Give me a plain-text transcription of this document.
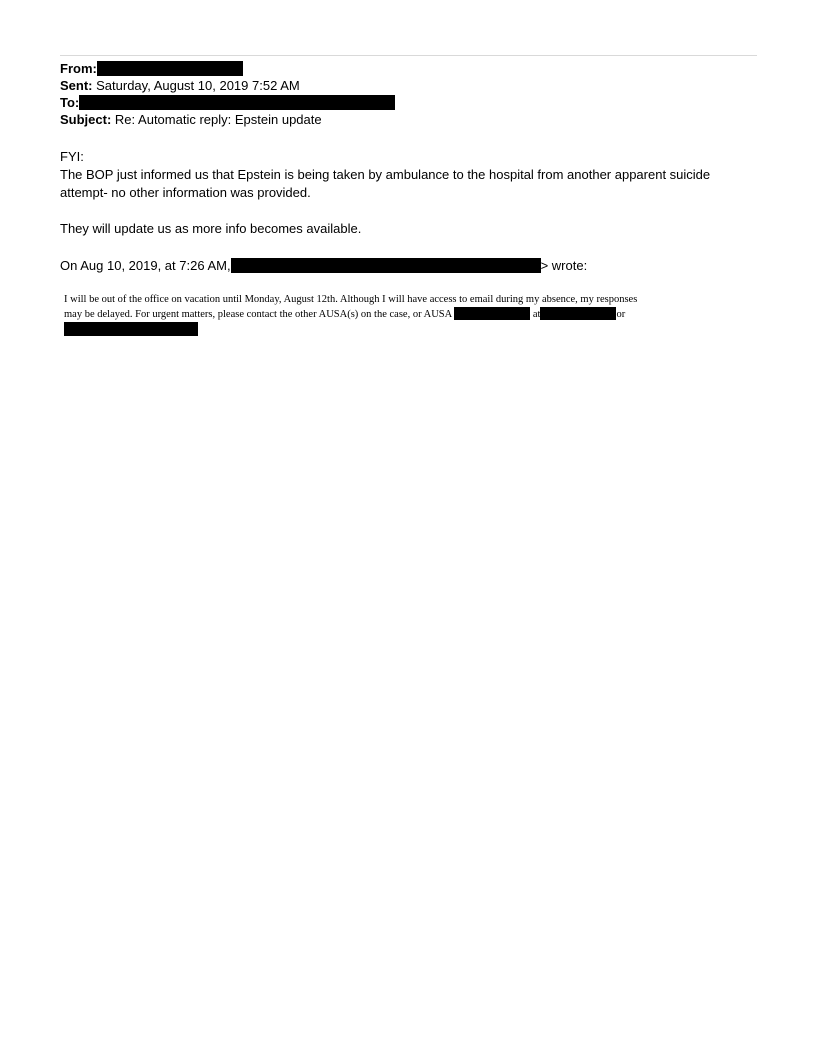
From:
Sent: Saturday, August 10, 2019 7:52 AM
To:
Subject: Re: Automatic reply: Epstein update
FYI:
The BOP just informed us that Epstein is being taken by ambulance to the hospital from another apparent suicide
attempt- no other information was provided.
They will update us as more info becomes available.
On Aug 10, 2019, at 7:26 AM,	> wrote:
I will be out of the office on vacation until Monday, August 12th. Although I will have access to email during my absence, my responses
may be delayed. For urgent matters, please contact the other AUSA(s) on the case, or AUSA	at	or
